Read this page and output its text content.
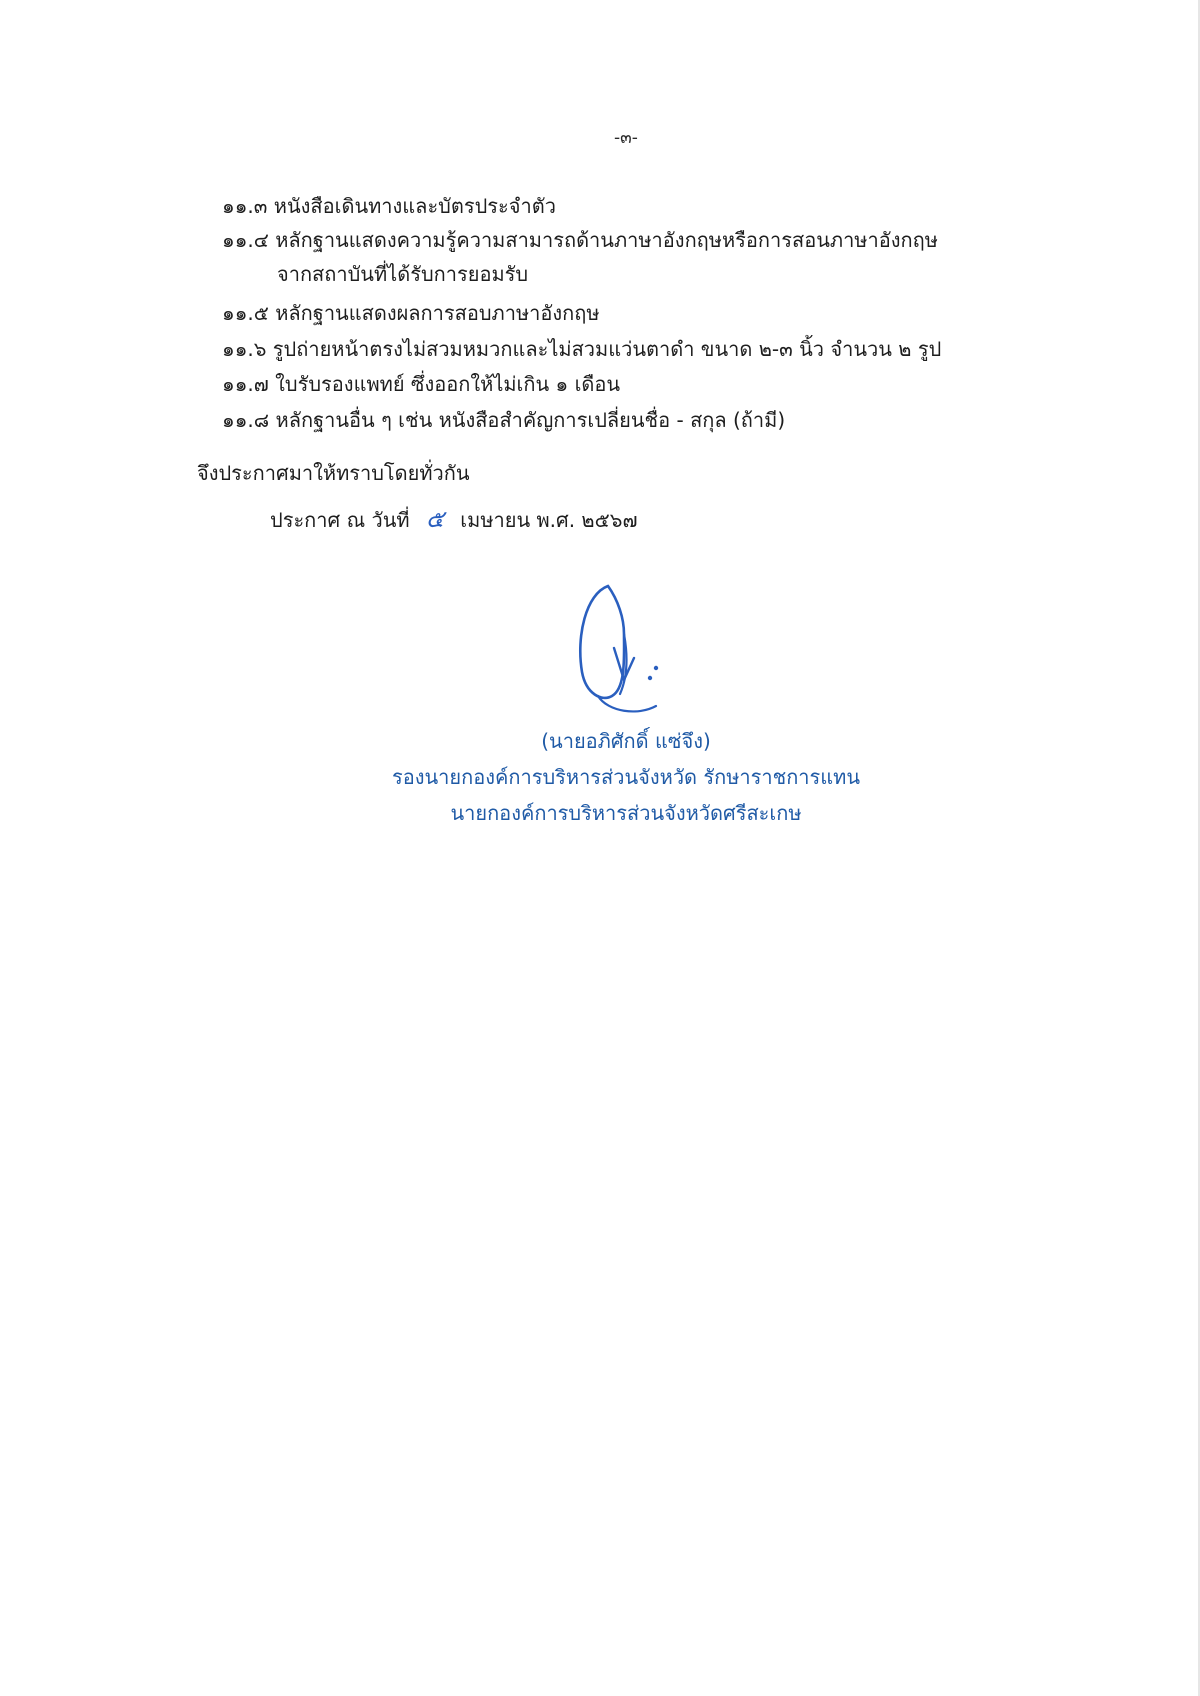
-๓-
๑๑.๓ หนังสือเดินทางและบัตรประจำตัว
๑๑.๔ หลักฐานแสดงความรู้ความสามารถด้านภาษาอังกฤษหรือการสอนภาษาอังกฤษ
จากสถาบันที่ได้รับการยอมรับ
๑๑.๕ หลักฐานแสดงผลการสอบภาษาอังกฤษ
๑๑.๖ รูปถ่ายหน้าตรงไม่สวมหมวกและไม่สวมแว่นตาดำ ขนาด ๒-๓ นิ้ว จำนวน ๒ รูป
๑๑.๗ ใบรับรองแพทย์ ซึ่งออกให้ไม่เกิน ๑ เดือน
๑๑.๘ หลักฐานอื่น ๆ เช่น หนังสือสำคัญการเปลี่ยนชื่อ - สกุล (ถ้ามี)
จึงประกาศมาให้ทราบโดยทั่วกัน
ประกาศ ณ วันที่ ๕ เมษายน พ.ศ. ๒๕๖๗
(นายอภิศักดิ์ แซ่จึง)
รองนายกองค์การบริหารส่วนจังหวัด รักษาราชการแทน
นายกองค์การบริหารส่วนจังหวัดศรีสะเกษ
